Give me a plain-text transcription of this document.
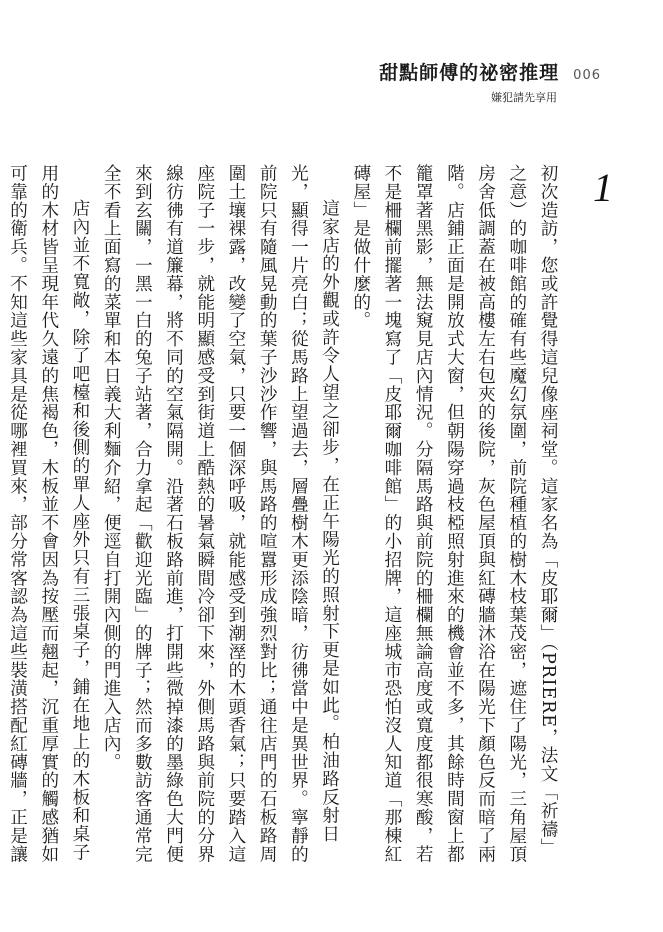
甜點師傅的祕密推理 006
嫌犯請先享用
1

初次造訪，您或許覺得這兒像座祠堂。這家名為「皮耶爾」（PRIERE，法文「祈禱」之意）的咖啡館的確有些魔幻氛圍，前院種植的樹木枝葉茂密，遮住了陽光，三角屋頂房舍低調蓋在被高樓左右包夾的後院，灰色屋頂與紅磚牆沐浴在陽光下顏色反而暗了兩階。店鋪正面是開放式大窗，但朝陽穿過枝椏照射進來的機會並不多，其餘時間窗上都籠罩著黑影，無法窺見店內情況。分隔馬路與前院的柵欄無論高度或寬度都很寒酸，若不是柵欄前擺著一塊寫了「皮耶爾咖啡館」的小招牌，這座城市恐怕沒人知道「那棟紅磚屋」是做什麼的。

這家店的外觀或許令人望之卻步，在正午陽光的照射下更是如此。柏油路反射日光，顯得一片亮白；從馬路上望過去，層疊樹木更添陰暗，彷彿當中是異世界。寧靜的前院只有隨風晃動的葉子沙沙作響，與馬路的喧囂形成強烈對比；通往店門的石板路周圍土壤裸露，改變了空氣，只要一個深呼吸，就能感受到潮溼的木頭香氣；只要踏入這座院子一步，就能明顯感受到街道上酷熱的暑氣瞬間冷卻下來，外側馬路與前院的分界線彷彿有道簾幕，將不同的空氣隔開。沿著石板路前進，打開些微掉漆的墨綠色大門便來到玄關，一黑一白的兔子站著，合力拿起「歡迎光臨」的牌子；然而多數訪客通常完全不看上面寫的菜單和本日義大利麵介紹，便逕自打開內側的門進入店內。

店內並不寬敞，除了吧檯和後側的單人座外只有三張桌子，鋪在地上的木板和桌子用的木材皆呈現年代久遠的焦褐色，木板並不會因為按壓而翹起，沉重厚實的觸感猶如可靠的衛兵。不知這些家具是從哪裡買來，部分常客認為這些裝潢搭配紅磚牆，正是讓
